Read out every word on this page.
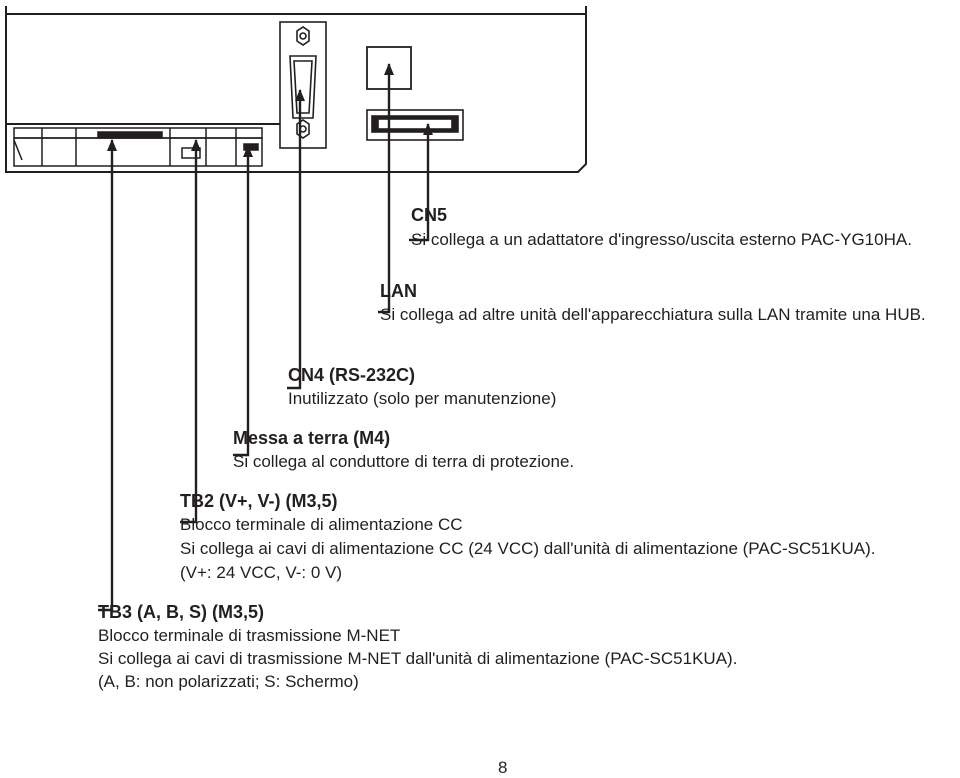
CN5
Si collega a un adattatore d'ingresso/uscita esterno PAC-YG10HA.
LAN
Si collega ad altre unità dell'apparecchiatura sulla LAN tramite una HUB.
CN4 (RS-232C)
Inutilizzato (solo per manutenzione)
Messa a terra (M4)
Si collega al conduttore di terra di protezione.
TB2 (V+, V-) (M3,5)
Blocco terminale di alimentazione CC
Si collega ai cavi di alimentazione CC (24 VCC) dall'unità di alimentazione (PAC-SC51KUA).
(V+: 24 VCC, V-: 0 V)
TB3 (A, B, S) (M3,5)
Blocco terminale di trasmissione M-NET
Si collega ai cavi di trasmissione M-NET dall'unità di alimentazione (PAC-SC51KUA).
(A, B: non polarizzati; S: Schermo)
8
